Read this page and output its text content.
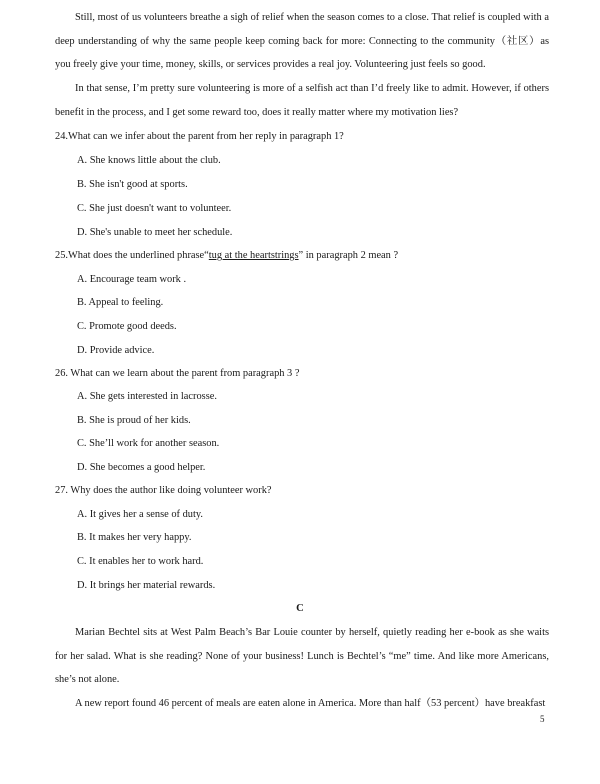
Still, most of us volunteers breathe a sigh of relief when the season comes to a close. That relief is coupled with a deep understanding of why the same people keep coming back for more: Connecting to the community（社区）as you freely give your time, money, skills, or services provides a real joy. Volunteering just feels so good.

In that sense, I’m pretty sure volunteering is more of a selfish act than I’d freely like to admit. However, if others benefit in the process, and I get some reward too, does it really matter where my motivation lies?

24.What can we infer about the parent from her reply in paragraph 1?
A. She knows little about the club.
B. She isn't good at sports.
C. She just doesn't want to volunteer.
D. She's unable to meet her schedule.
25.What does the underlined phrase“tug at the heartstrings” in paragraph 2 mean ?
A. Encourage team work .
B. Appeal to feeling.
C. Promote good deeds.
D. Provide advice.
26. What can we learn about the parent from paragraph 3 ?
A. She gets interested in lacrosse.
B. She is proud of her kids.
C. She’ll work for another season.
D. She becomes a good helper.
27. Why does the author like doing volunteer work?
A. It gives her a sense of duty.
B. It makes her very happy.
C. It enables her to work hard.
D. It brings her material rewards.
C

Marian Bechtel sits at West Palm Beach’s Bar Louie counter by herself, quietly reading her e-book as she waits for her salad. What is she reading? None of your business! Lunch is Bechtel’s “me” time. And like more Americans, she’s not alone.

A new report found 46 percent of meals are eaten alone in America. More than half（53 percent）have breakfast

5
